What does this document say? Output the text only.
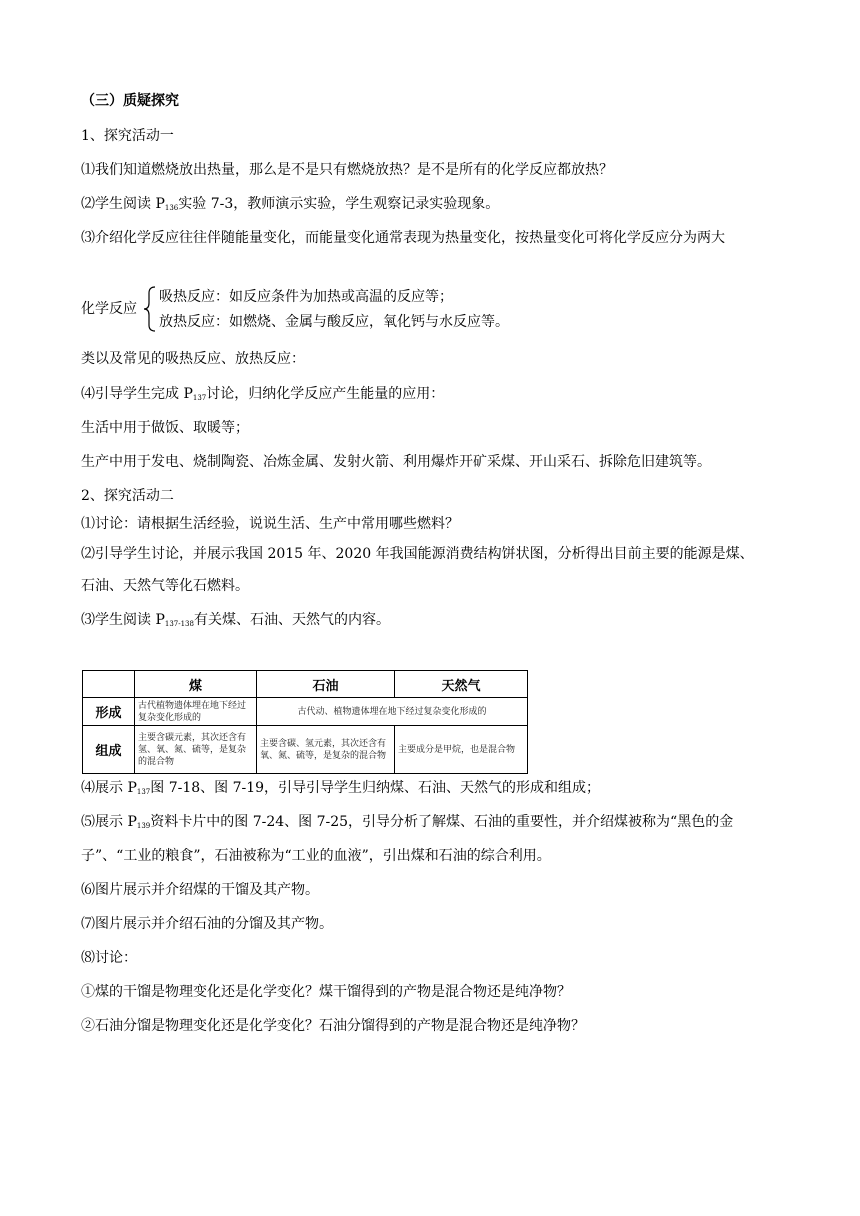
（三）质疑探究
1、探究活动一
⑴我们知道燃烧放出热量，那么是不是只有燃烧放热？是不是所有的化学反应都放热？
⑵学生阅读 $P_{136}$实验 7-3，教师演示实验，学生观察记录实验现象。
⑶介绍化学反应往往伴随能量变化，而能量变化通常表现为热量变化，按热量变化可将化学反应分为两大
化学反应
吸热反应：如反应条件为加热或高温的反应等；
放热反应：如燃烧、金属与酸反应，氧化钙与水反应等。
类以及常见的吸热反应、放热反应：
⑷引导学生完成 $P_{137}$讨论，归纳化学反应产生能量的应用：
生活中用于做饭、取暖等；
生产中用于发电、烧制陶瓷、冶炼金属、发射火箭、利用爆炸开矿采煤、开山采石、拆除危旧建筑等。
2、探究活动二
⑴讨论：请根据生活经验，说说生活、生产中常用哪些燃料？
⑵引导学生讨论，并展示我国 2015 年、2020 年我国能源消费结构饼状图，分析得出目前主要的能源是煤、
石油、天然气等化石燃料。
⑶学生阅读 $P_{137-138}$有关煤、石油、天然气的内容。
	煤	石油	天然气
形成	古代植物遗体埋在地下经过复杂变化形成的	古代动、植物遗体埋在地下经过复杂变化形成的	
组成	主要含碳元素，其次还含有氢、氧、氮、硫等，是复杂的混合物	主要含碳、氢元素，其次还含有氧、氮、硫等，是复杂的混合物	主要成分是甲烷，也是混合物
⑷展示 $P_{137}$图 7-18、图 7-19，引导引导学生归纳煤、石油、天然气的形成和组成；
⑸展示 $P_{139}$资料卡片中的图 7-24、图 7-25，引导分析了解煤、石油的重要性，并介绍煤被称为“黑色的金
子”、“工业的粮食”，石油被称为“工业的血液”，引出煤和石油的综合利用。
⑹图片展示并介绍煤的干馏及其产物。
⑺图片展示并介绍石油的分馏及其产物。
⑻讨论：
①煤的干馏是物理变化还是化学变化？煤干馏得到的产物是混合物还是纯净物？
②石油分馏是物理变化还是化学变化？石油分馏得到的产物是混合物还是纯净物？
